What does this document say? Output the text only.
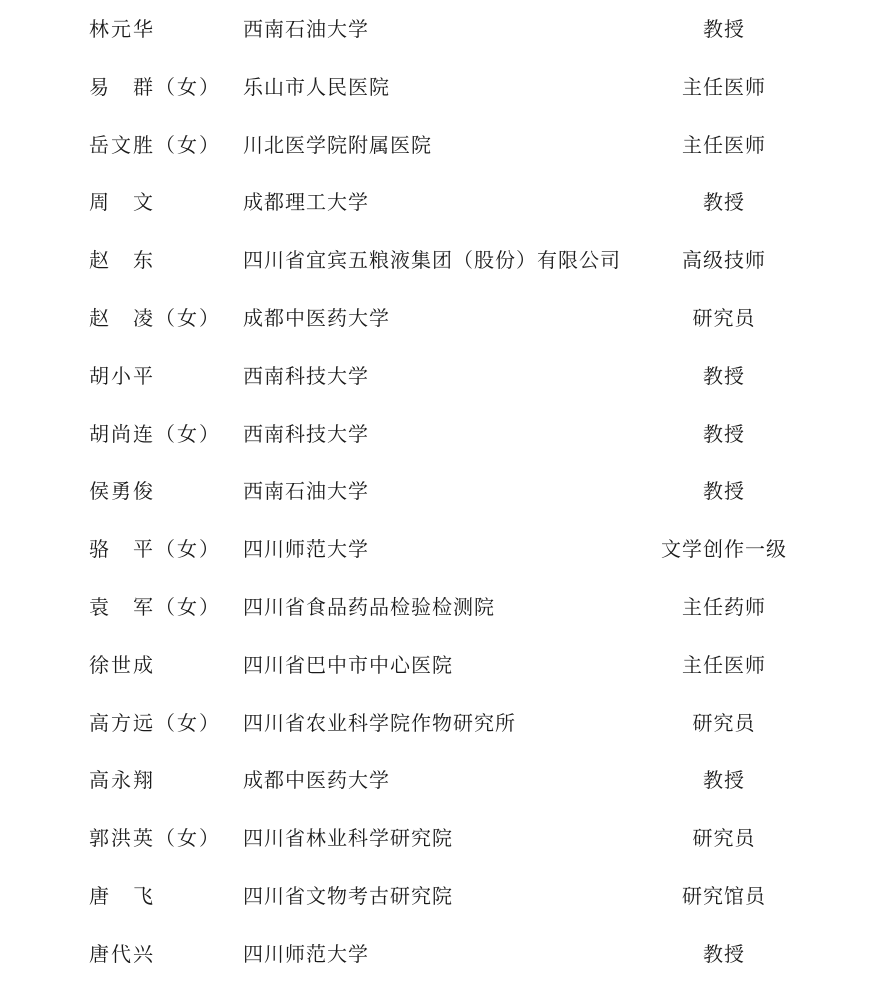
林元华	西南石油大学	教授
易　群（女） 乐山市人民医院	主任医师
岳文胜（女） 川北医学院附属医院	主任医师
周　文	成都理工大学	教授
赵　东	四川省宜宾五粮液集团（股份）有限公司	高级技师
赵　凌（女） 成都中医药大学	研究员
胡小平	西南科技大学	教授
胡尚连（女） 西南科技大学	教授
侯勇俊	西南石油大学	教授
骆　平（女） 四川师范大学	文学创作一级
袁　军（女） 四川省食品药品检验检测院	主任药师
徐世成	四川省巴中市中心医院	主任医师
高方远（女） 四川省农业科学院作物研究所	研究员
高永翔	成都中医药大学	教授
郭洪英（女） 四川省林业科学研究院	研究员
唐　飞	四川省文物考古研究院	研究馆员
唐代兴	四川师范大学	教授
